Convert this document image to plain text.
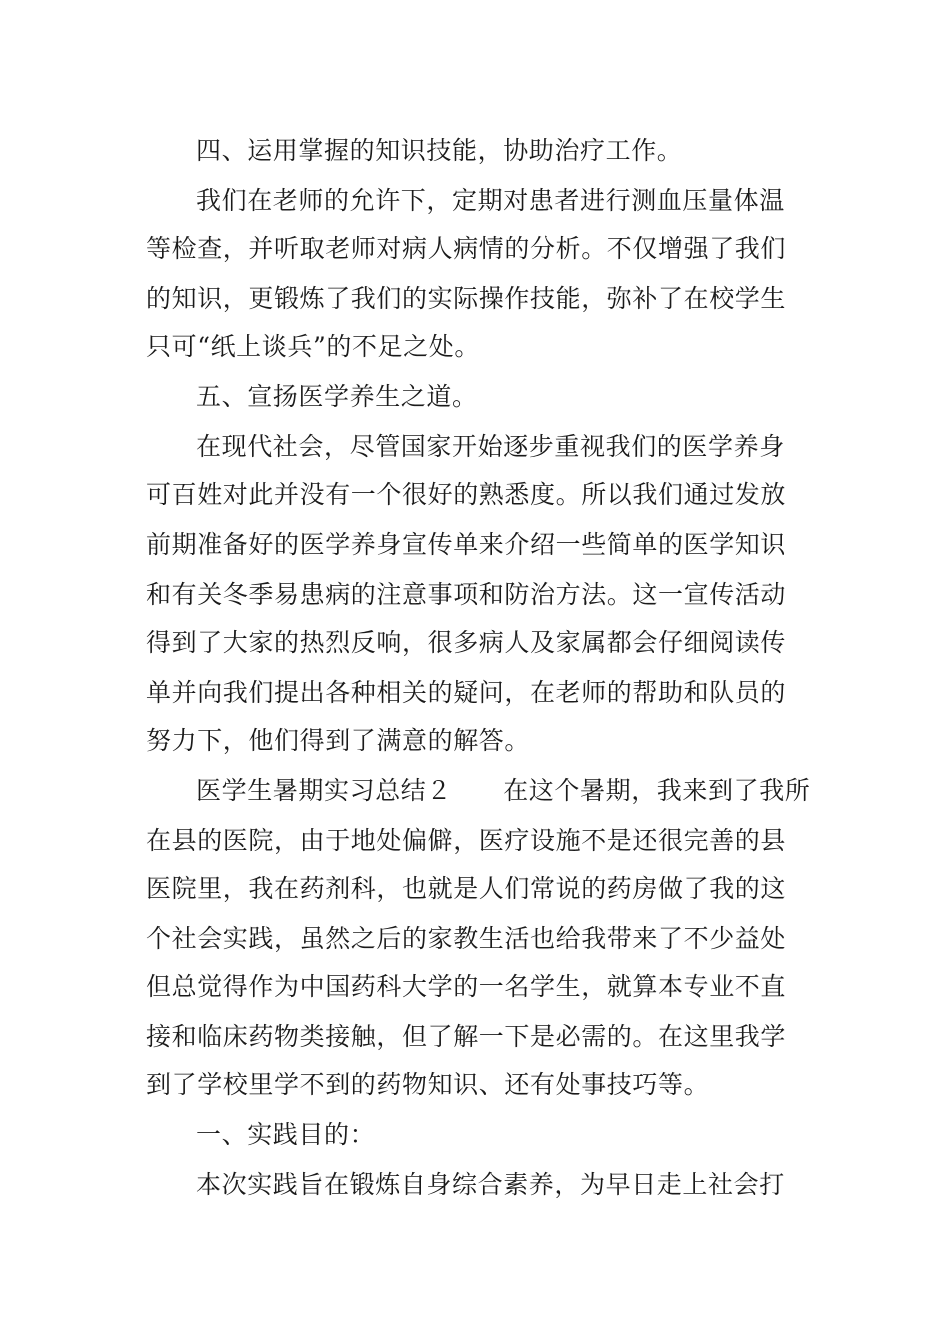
四、运用掌握的知识技能，协助治疗工作。
我们在老师的允许下，定期对患者进行测血压量体温
等检查，并听取老师对病人病情的分析。不仅增强了我们
的知识，更锻炼了我们的实际操作技能，弥补了在校学生
只可“纸上谈兵”的不足之处。
五、宣扬医学养生之道。
在现代社会，尽管国家开始逐步重视我们的医学养身
可百姓对此并没有一个很好的熟悉度。所以我们通过发放
前期准备好的医学养身宣传单来介绍一些简单的医学知识
和有关冬季易患病的注意事项和防治方法。这一宣传活动
得到了大家的热烈反响，很多病人及家属都会仔细阅读传
单并向我们提出各种相关的疑问，在老师的帮助和队员的
努力下，他们得到了满意的解答。
医学生暑期实习总结２　　在这个暑期，我来到了我所
在县的医院，由于地处偏僻，医疗设施不是还很完善的县
医院里，我在药剂科，也就是人们常说的药房做了我的这
个社会实践，虽然之后的家教生活也给我带来了不少益处
但总觉得作为中国药科大学的一名学生，就算本专业不直
接和临床药物类接触，但了解一下是必需的。在这里我学
到了学校里学不到的药物知识、还有处事技巧等。
一、实践目的：
本次实践旨在锻炼自身综合素养，为早日走上社会打
